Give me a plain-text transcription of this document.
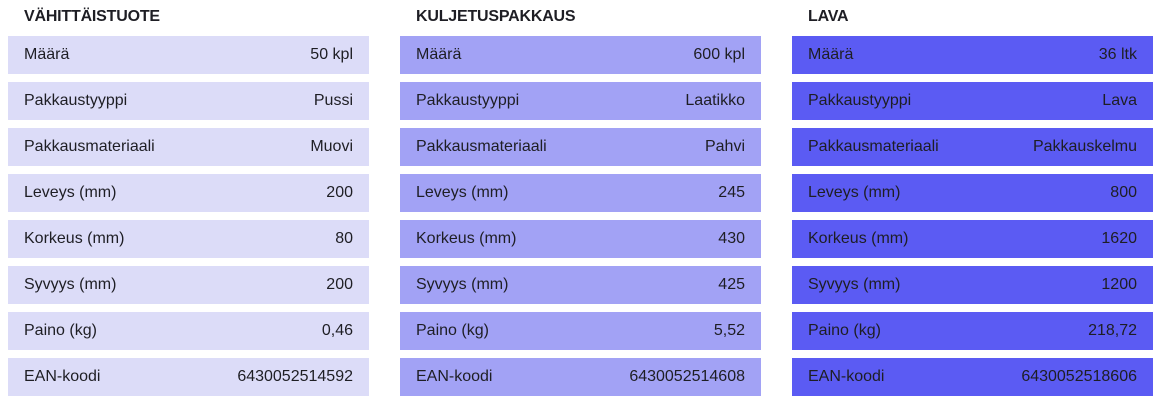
VÄHITTÄISTUOTE
Määrä	50 kpl
Pakkaustyyppi	Pussi
Pakkausmateriaali	Muovi
Leveys (mm)	200
Korkeus (mm)	80
Syvyys (mm)	200
Paino (kg)	0,46
EAN-koodi	6430052514592
KULJETUSPAKKAUS
Määrä	600 kpl
Pakkaustyyppi	Laatikko
Pakkausmateriaali	Pahvi
Leveys (mm)	245
Korkeus (mm)	430
Syvyys (mm)	425
Paino (kg)	5,52
EAN-koodi	6430052514608
LAVA
Määrä	36 ltk
Pakkaustyyppi	Lava
Pakkausmateriaali	Pakkauskelmu
Leveys (mm)	800
Korkeus (mm)	1620
Syvyys (mm)	1200
Paino (kg)	218,72
EAN-koodi	6430052518606
